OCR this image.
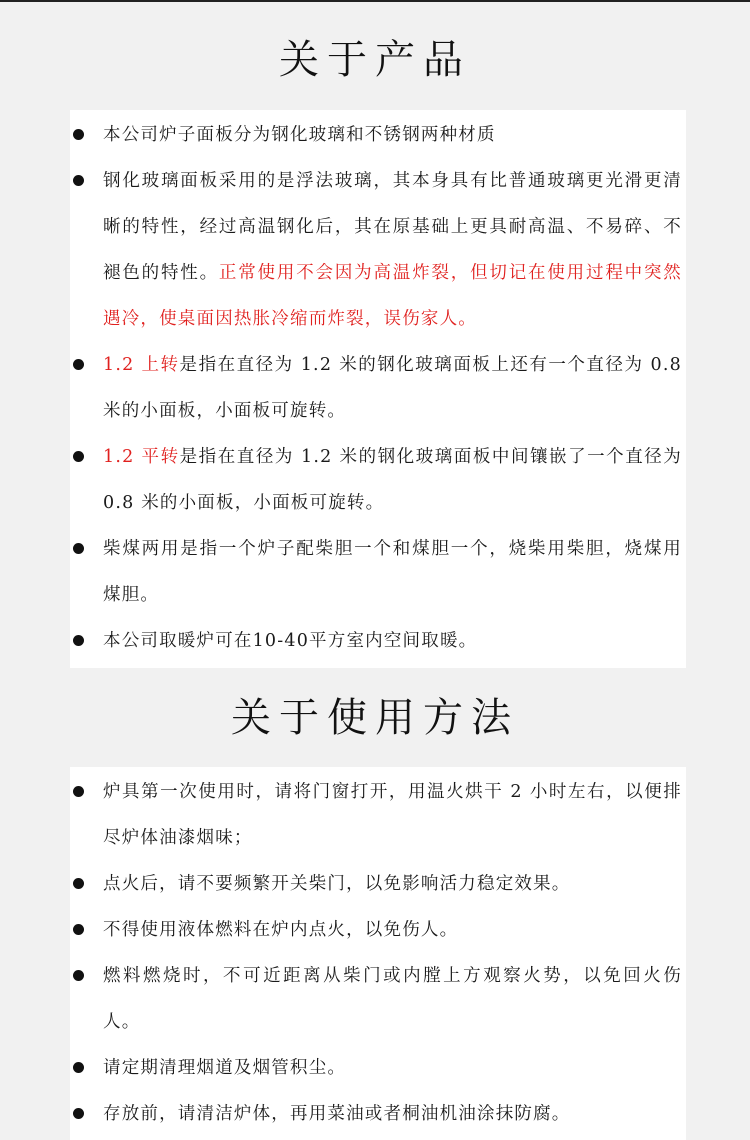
关于产品
本公司炉子面板分为钢化玻璃和不锈钢两种材质
钢化玻璃面板采用的是浮法玻璃，其本身具有比普通玻璃更光滑更清晰的特性，经过高温钢化后，其在原基础上更具耐高温、不易碎、不褪色的特性。正常使用不会因为高温炸裂，但切记在使用过程中突然遇冷，使桌面因热胀冷缩而炸裂，误伤家人。
1.2 上转是指在直径为 1.2 米的钢化玻璃面板上还有一个直径为 0.8 米的小面板，小面板可旋转。
1.2 平转是指在直径为 1.2 米的钢化玻璃面板中间镶嵌了一个直径为 0.8 米的小面板，小面板可旋转。
柴煤两用是指一个炉子配柴胆一个和煤胆一个，烧柴用柴胆，烧煤用煤胆。
本公司取暖炉可在10-40平方室内空间取暖。
关于使用方法
炉具第一次使用时，请将门窗打开，用温火烘干 2 小时左右，以便排尽炉体油漆烟味；
点火后，请不要频繁开关柴门，以免影响活力稳定效果。
不得使用液体燃料在炉内点火，以免伤人。
燃料燃烧时，不可近距离从柴门或内膛上方观察火势，以免回火伤人。
请定期清理烟道及烟管积尘。
存放前，请清洁炉体，再用菜油或者桐油机油涂抹防腐。
